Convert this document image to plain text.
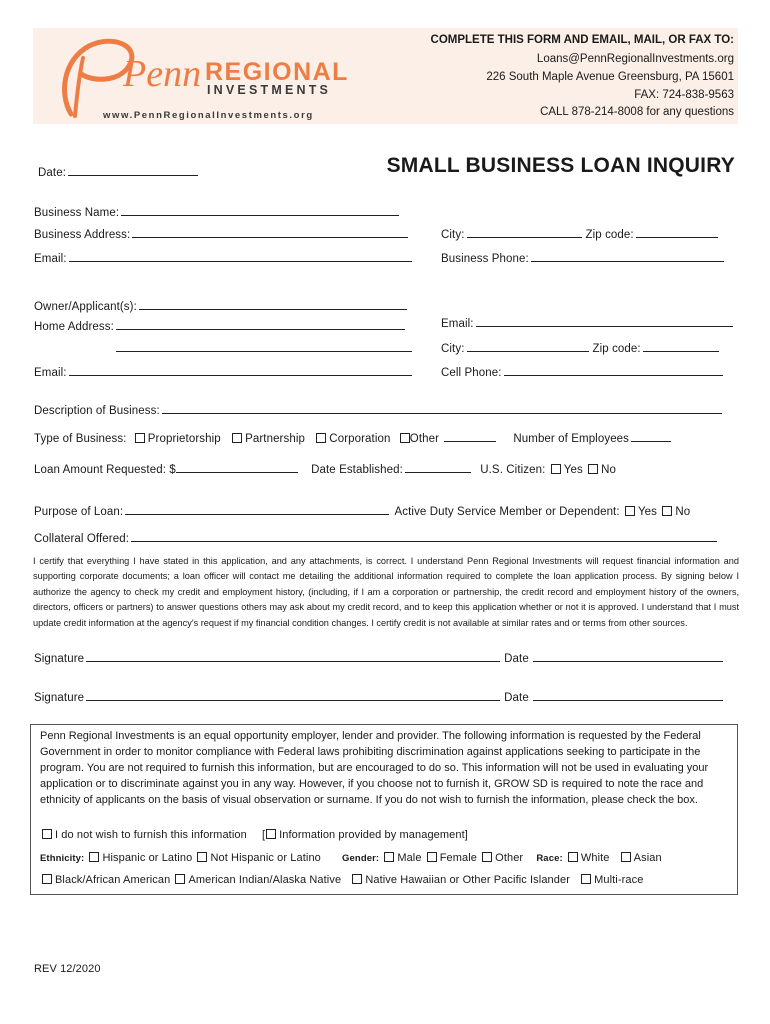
Penn REGIONAL
INVESTMENTS
www.PennRegionalInvestments.org
COMPLETE THIS FORM AND EMAIL, MAIL, OR FAX TO:
Loans@PennRegionalInvestments.org
226 South Maple Avenue Greensburg, PA 15601
FAX: 724-838-9563
CALL 878-214-8008 for any questions
Date:	SMALL BUSINESS LOAN INQUIRY
Business Name:
Business Address:	City:	Zip code:
Email:	Business Phone:
Owner/Applicant(s):
Home Address:	Email:
City:	Zip code:
Email:	Cell Phone:
Description of Business:
Type of Business: Proprietorship Partnership Corporation Other	Number of Employees
Loan Amount Requested: $	Date Established:	U.S. Citizen: Yes No
Purpose of Loan:	Active Duty Service Member or Dependent: Yes No
Collateral Offered:
I certify that everything I have stated in this application, and any attachments, is correct. I understand Penn Regional Investments will request financial information and supporting corporate documents; a loan officer will contact me detailing the additional information required to complete the loan application process. By signing below I authorize the agency to check my credit and employment history, (including, if I am a corporation or partnership, the credit record and employment history of the owners, directors, officers or partners) to answer questions others may ask about my credit record, and to keep this application whether or not it is approved. I understand that I must update credit information at the agency's request if my financial condition changes. I certify credit is not available at similar rates and or terms from other sources.
Signature	Date
Signature	Date
Penn Regional Investments is an equal opportunity employer, lender and provider. The following information is requested by the Federal Government in order to monitor compliance with Federal laws prohibiting discrimination against applications seeking to participate in the program. You are not required to furnish this information, but are encouraged to do so. This information will not be used in evaluating your application or to discriminate against you in any way. However, if you choose not to furnish it, GROW SD is required to note the race and ethnicity of applicants on the basis of visual observation or surname. If you do not wish to furnish the information, please check the box.
I do not wish to furnish this information [ Information provided by management]
Ethnicity: Hispanic or Latino Not Hispanic or Latino Gender: Male Female Other Race: White Asian
Black/African American American Indian/Alaska Native Native Hawaiian or Other Pacific Islander Multi-race
REV 12/2020
